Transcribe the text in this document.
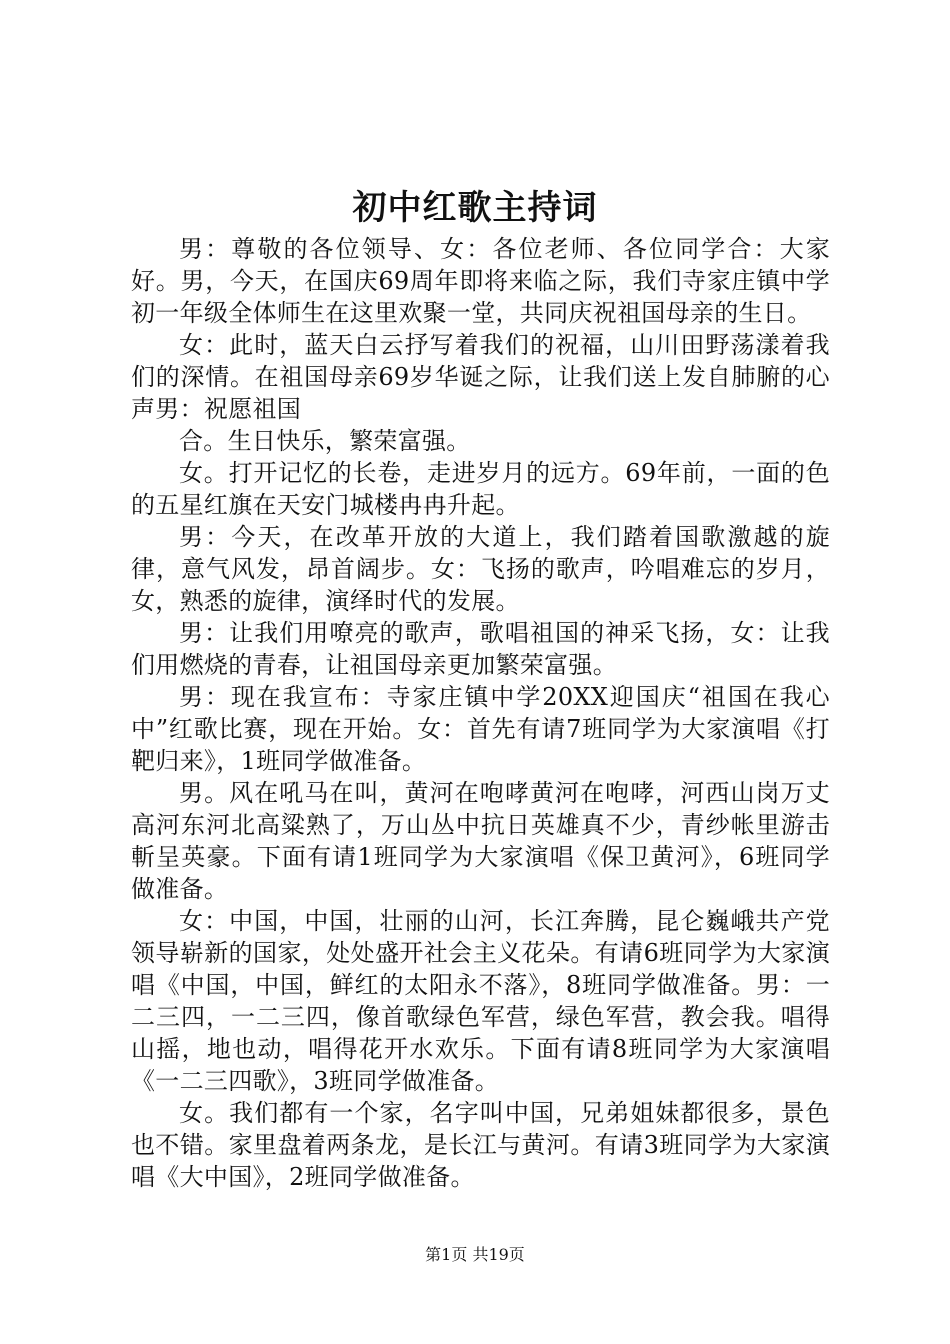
初中红歌主持词

男：尊敬的各位领导、女：各位老师、各位同学合：大家好。男，今天，在国庆69周年即将来临之际，我们寺家庄镇中学初一年级全体师生在这里欢聚一堂，共同庆祝祖国母亲的生日。

女：此时，蓝天白云抒写着我们的祝福，山川田野荡漾着我们的深情。在祖国母亲69岁华诞之际，让我们送上发自肺腑的心声男：祝愿祖国

合。生日快乐，繁荣富强。

女。打开记忆的长卷，走进岁月的远方。69年前，一面的色的五星红旗在天安门城楼冉冉升起。

男：今天，在改革开放的大道上，我们踏着国歌激越的旋律，意气风发，昂首阔步。女：飞扬的歌声，吟唱难忘的岁月，女，熟悉的旋律，演绎时代的发展。

男：让我们用嘹亮的歌声，歌唱祖国的神采飞扬，女：让我们用燃烧的青春，让祖国母亲更加繁荣富强。

男：现在我宣布：寺家庄镇中学20XX迎国庆“祖国在我心中”红歌比赛，现在开始。女：首先有请7班同学为大家演唱《打靶归来》，1班同学做准备。

男。风在吼马在叫，黄河在咆哮黄河在咆哮，河西山岗万丈高河东河北高粱熟了，万山丛中抗日英雄真不少，青纱帐里游击斬呈英豪。下面有请1班同学为大家演唱《保卫黄河》，6班同学做准备。

女：中国，中国，壮丽的山河，长江奔腾，昆仑巍峨共产党领导崭新的国家，处处盛开社会主义花朵。有请6班同学为大家演唱《中国，中国，鲜红的太阳永不落》，8班同学做准备。男：一二三四，一二三四，像首歌绿色军营，绿色军营，教会我。唱得山摇，地也动，唱得花开水欢乐。下面有请8班同学为大家演唱《一二三四歌》，3班同学做准备。

女。我们都有一个家，名字叫中国，兄弟姐妹都很多，景色也不错。家里盘着两条龙，是长江与黄河。有请3班同学为大家演唱《大中国》，2班同学做准备。

第1页 共19页
